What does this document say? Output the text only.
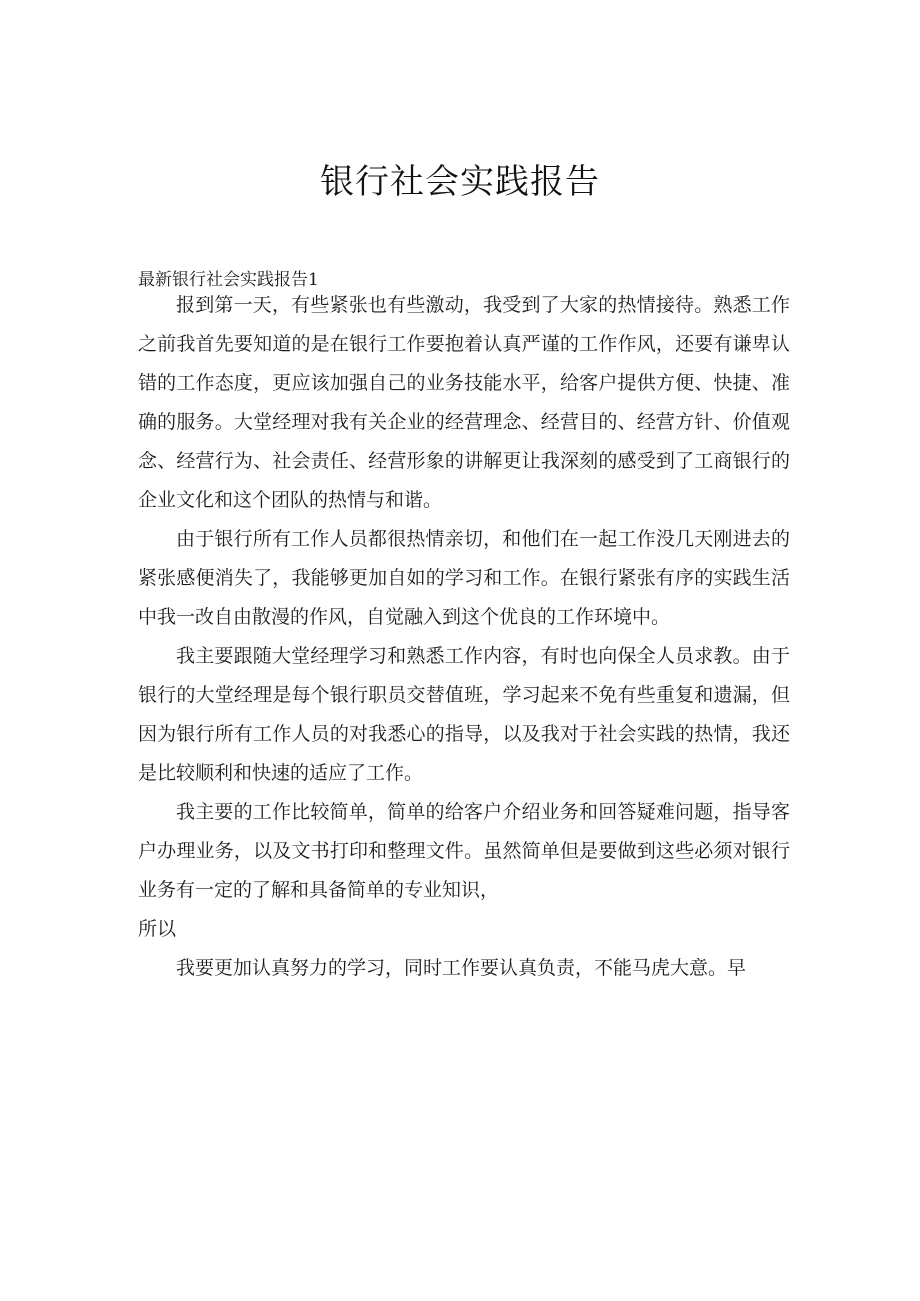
银行社会实践报告
最新银行社会实践报告1

报到第一天，有些紧张也有些激动，我受到了大家的热情接待。熟悉工作之前我首先要知道的是在银行工作要抱着认真严谨的工作作风，还要有谦卑认错的工作态度，更应该加强自己的业务技能水平，给客户提供方便、快捷、准确的服务。大堂经理对我有关企业的经营理念、经营目的、经营方针、价值观念、经营行为、社会责任、经营形象的讲解更让我深刻的感受到了工商银行的企业文化和这个团队的热情与和谐。

由于银行所有工作人员都很热情亲切，和他们在一起工作没几天刚进去的紧张感便消失了，我能够更加自如的学习和工作。在银行紧张有序的实践生活中我一改自由散漫的作风，自觉融入到这个优良的工作环境中。

我主要跟随大堂经理学习和熟悉工作内容，有时也向保全人员求教。由于银行的大堂经理是每个银行职员交替值班，学习起来不免有些重复和遗漏，但因为银行所有工作人员的对我悉心的指导，以及我对于社会实践的热情，我还是比较顺利和快速的适应了工作。

我主要的工作比较简单，简单的给客户介绍业务和回答疑难问题，指导客户办理业务，以及文书打印和整理文件。虽然简单但是要做到这些必须对银行业务有一定的了解和具备简单的专业知识，

所以

我要更加认真努力的学习，同时工作要认真负责，不能马虎大意。早
